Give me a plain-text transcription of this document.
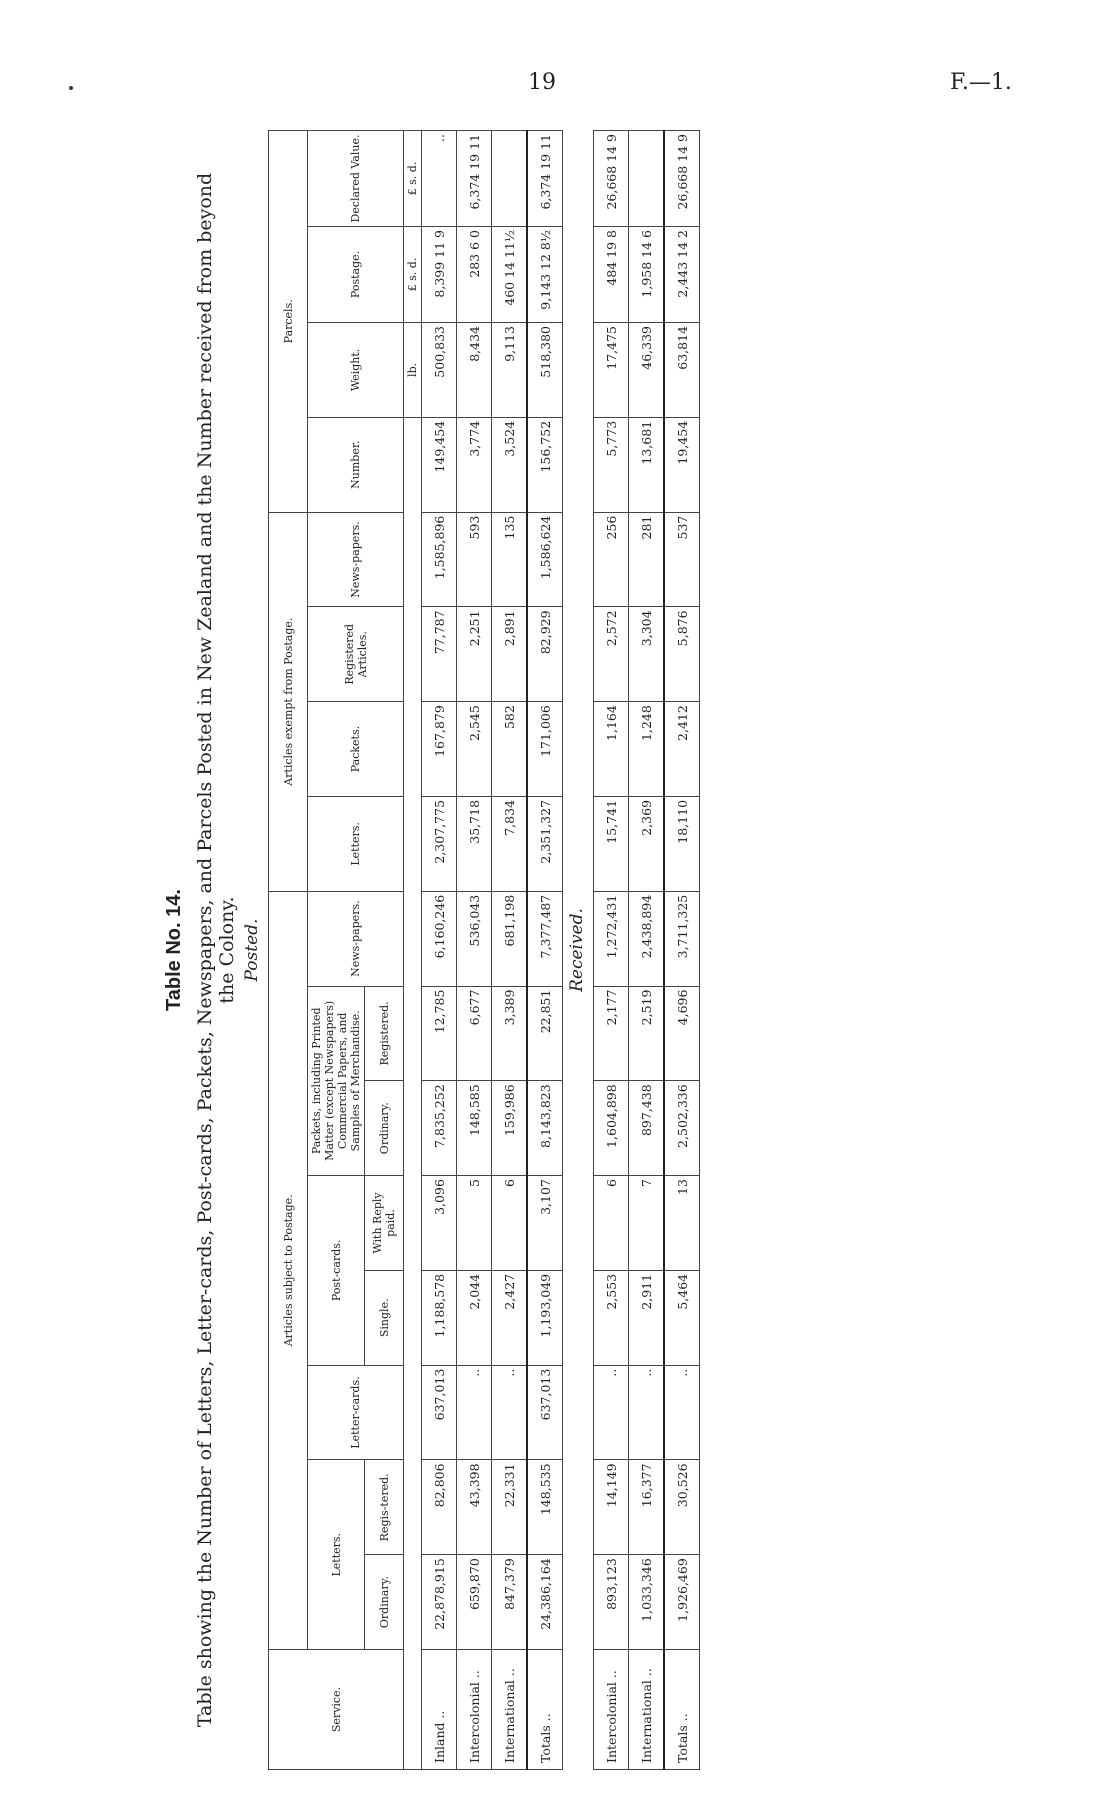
19	F.—1.
Table No. 14. Table showing the Number of Letters, Letter-cards, Post-cards, Packets, Newspapers, and Parcels Posted in New Zealand and the Number received from beyond the Colony. Posted.
Service.	Articles subject to Postage.								Articles exempt from Postage.				Parcels.			
	Letters.		Letter-cards.	Post-cards.		Packets, including Printed Matter (except Newspapers) Commercial Papers, and Samples of Merchandise.		News-papers.	Letters.	Packets.	Registered Articles.	News-papers.	Number.	Weight.	Postage.	Declared Value.
	Ordinary.	Regis-tered.		Single.	With Reply paid.	Ordinary.	Registered.									
														lb.	£ s. d.	£ s. d.
Inland ..	22,878,915	82,806	637,013	1,188,578	3,096	7,835,252	12,785	6,160,246	2,307,775	167,879	77,787	1,585,896	149,454	500,833	8,399 11 9	..
Intercolonial ..	659,870	43,398	..	2,044	5	148,585	6,677	536,043	35,718	2,545	2,251	593	3,774	8,434	283 6 0	6,374 19 11
International ..	847,379	22,331	..	2,427	6	159,986	3,389	681,198	7,834	582	2,891	135	3,524	9,113	460 14 11½	
Totals ..	24,386,164	148,535	637,013	1,193,049	3,107	8,143,823	22,851	7,377,487	2,351,327	171,006	82,929	1,586,624	156,752	518,380	9,143 12 8½	6,374 19 11
Received.
Intercolonial ..	893,123	14,149	..	2,553	6	1,604,898	2,177	1,272,431	15,741	1,164	2,572	256	5,773	17,475	484 19 8	26,668 14 9
International ..	1,033,346	16,377	..	2,911	7	897,438	2,519	2,438,894	2,369	1,248	3,304	281	13,681	46,339	1,958 14 6	
Totals ..	1,926,469	30,526	..	5,464	13	2,502,336	4,696	3,711,325	18,110	2,412	5,876	537	19,454	63,814	2,443 14 2	26,668 14 9
